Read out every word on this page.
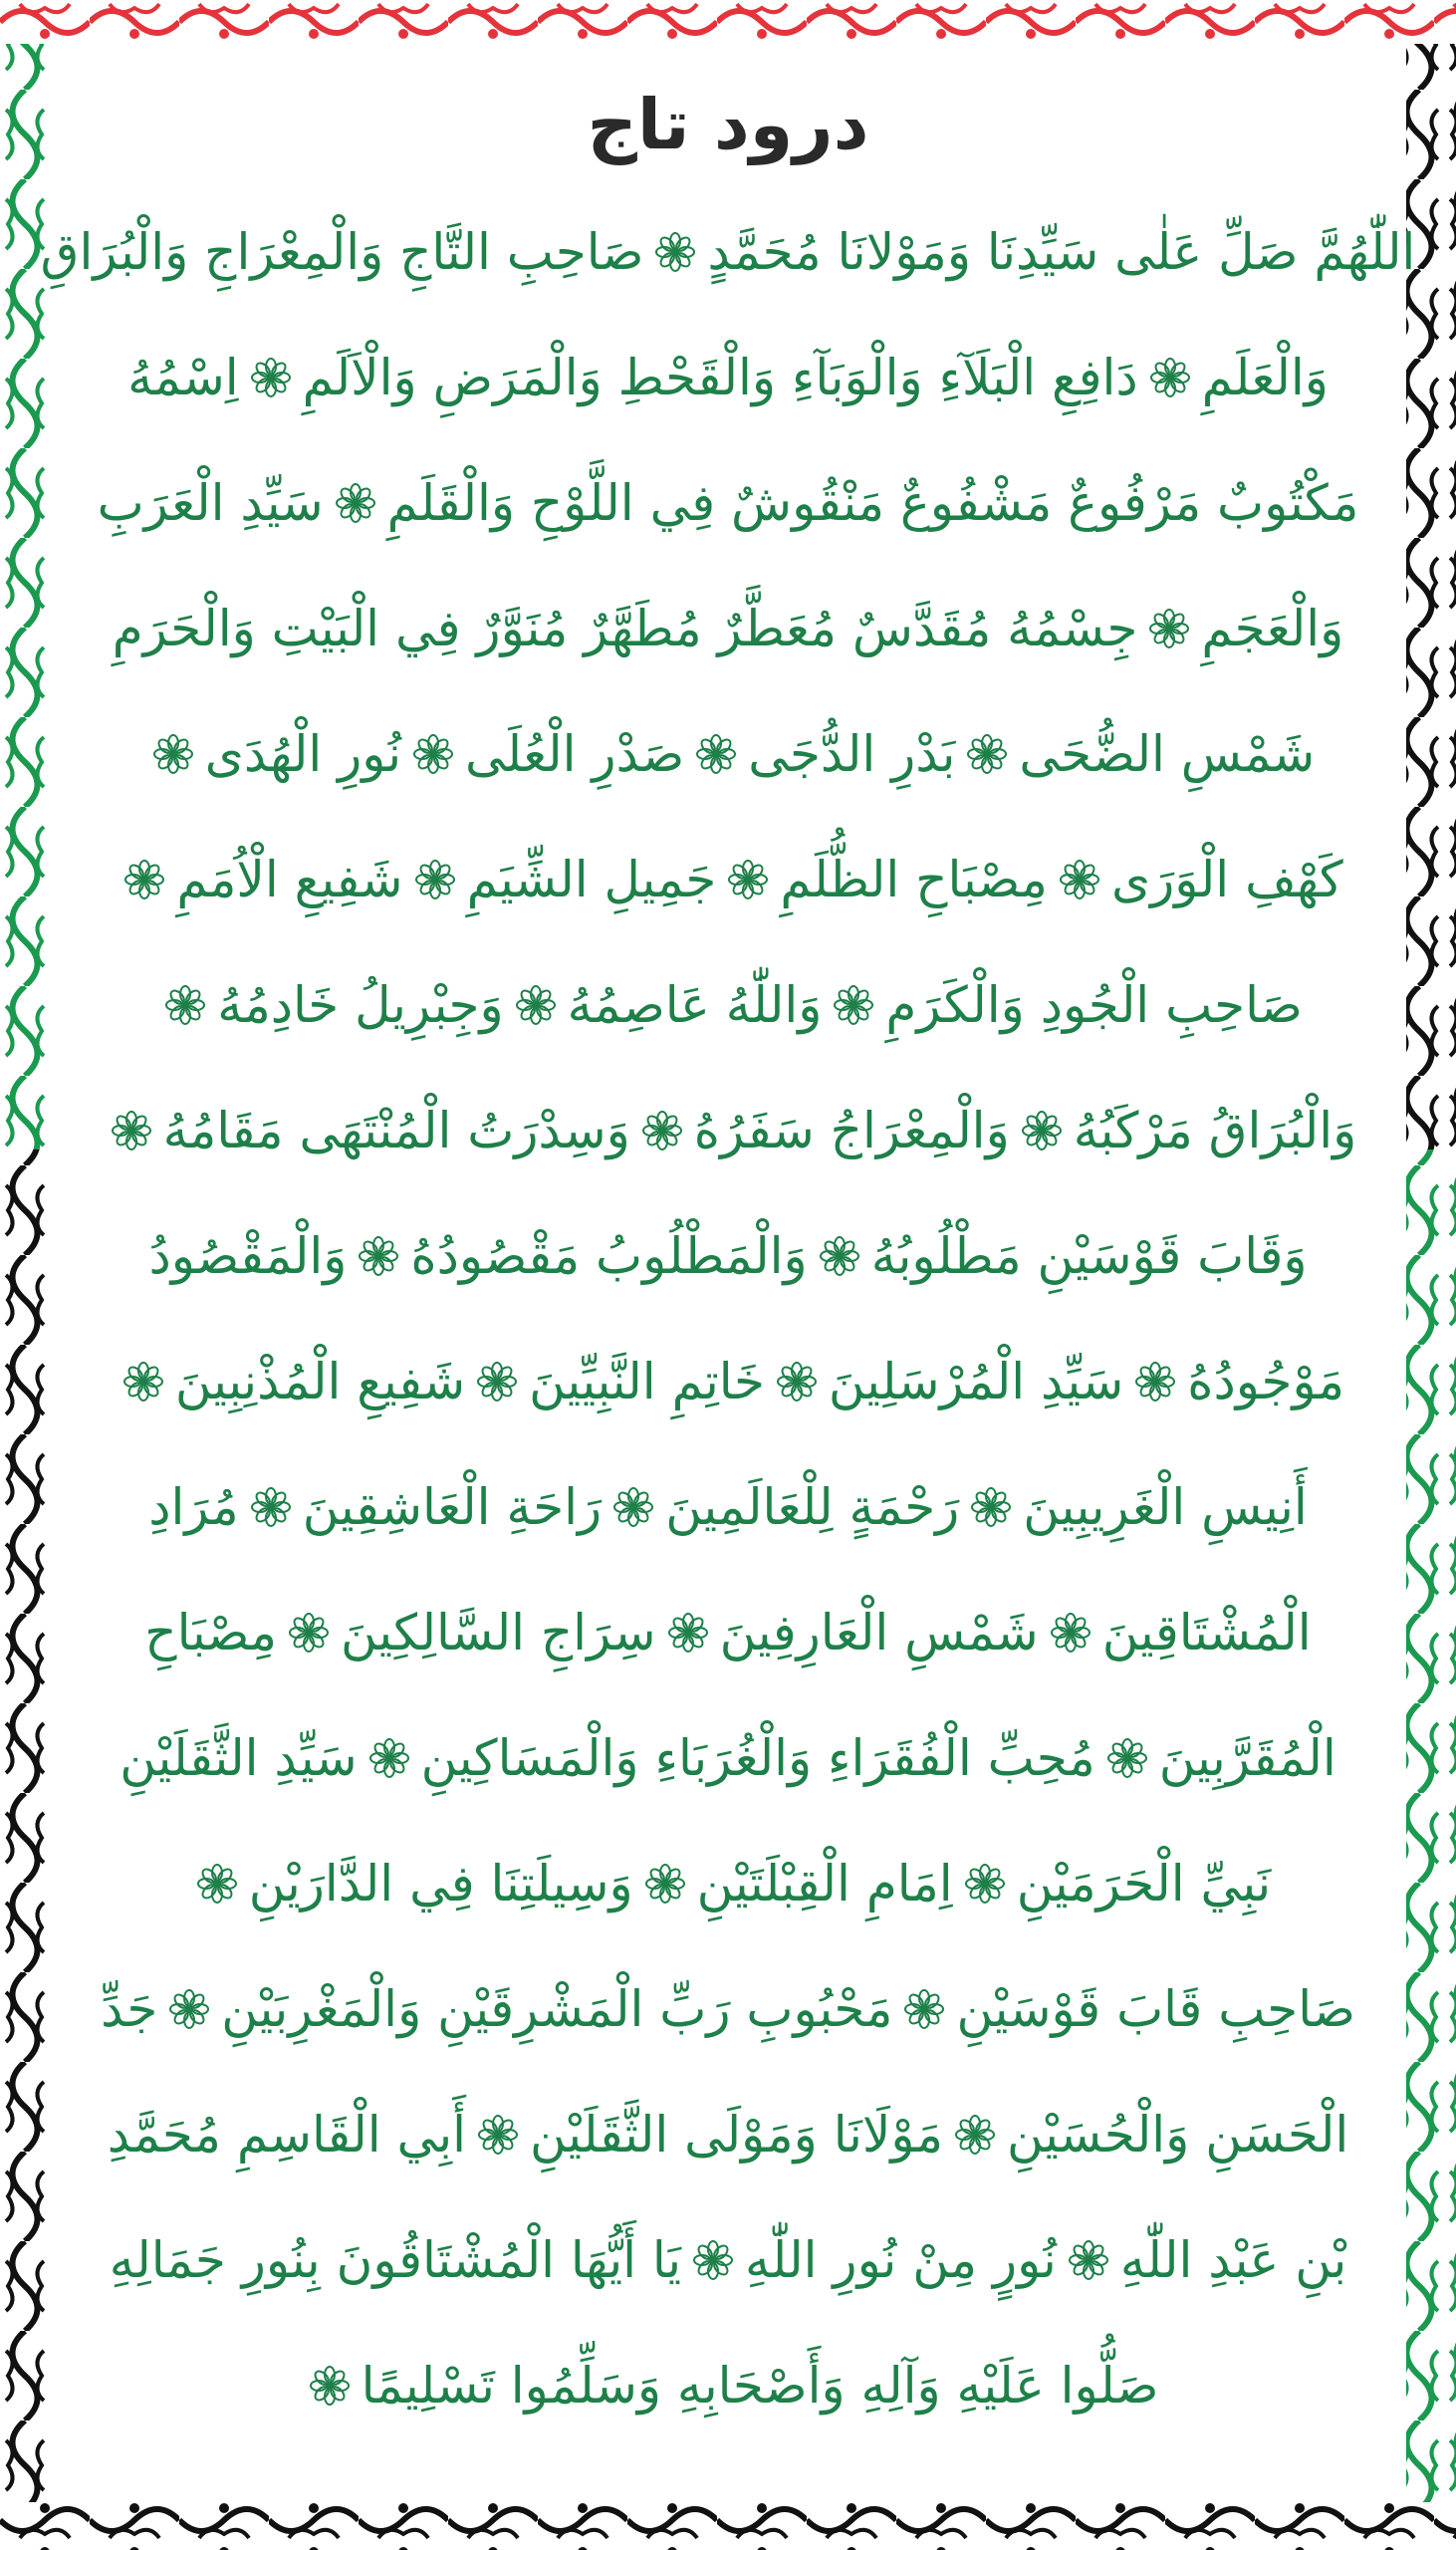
درود تاج
اللّٰهُمَّ صَلِّ عَلٰى سَيِّدِنَا وَمَوْلانَا مُحَمَّدٍ
صَاحِبِ التَّاجِ وَالْمِعْرَاجِ وَالْبُرَاقِ
وَالْعَلَمِ
دَافِعِ الْبَلَآءِ وَالْوَبَآءِ وَالْقَحْطِ وَالْمَرَضِ وَالْاَلَمِ
اِسْمُهُ
مَكْتُوبٌ مَرْفُوعٌ مَشْفُوعٌ مَنْقُوشٌ فِي اللَّوْحِ وَالْقَلَمِ
سَيِّدِ الْعَرَبِ
وَالْعَجَمِ
جِسْمُهُ مُقَدَّسٌ مُعَطَّرٌ مُطَهَّرٌ مُنَوَّرٌ فِي الْبَيْتِ وَالْحَرَمِ
شَمْسِ الضُّحَى
بَدْرِ الدُّجَى
صَدْرِ الْعُلَى
نُورِ الْهُدَى
كَهْفِ الْوَرَى
مِصْبَاحِ الظُّلَمِ
جَمِيلِ الشِّيَمِ
شَفِيعِ الْاُمَمِ
صَاحِبِ الْجُودِ وَالْكَرَمِ
وَاللّٰهُ عَاصِمُهُ
وَجِبْرِيلُ خَادِمُهُ
وَالْبُرَاقُ مَرْكَبُهُ
وَالْمِعْرَاجُ سَفَرُهُ
وَسِدْرَتُ الْمُنْتَهَى مَقَامُهُ
وَقَابَ قَوْسَيْنِ مَطْلُوبُهُ
وَالْمَطْلُوبُ مَقْصُودُهُ
وَالْمَقْصُودُ
مَوْجُودُهُ
سَيِّدِ الْمُرْسَلِينَ
خَاتِمِ النَّبِيِّينَ
شَفِيعِ الْمُذْنِبِينَ
أَنِيسِ الْغَرِيبِينَ
رَحْمَةٍ لِلْعَالَمِينَ
رَاحَةِ الْعَاشِقِينَ
مُرَادِ
الْمُشْتَاقِينَ
شَمْسِ الْعَارِفِينَ
سِرَاجِ السَّالِكِينَ
مِصْبَاحِ
الْمُقَرَّبِينَ
مُحِبِّ الْفُقَرَاءِ وَالْغُرَبَاءِ وَالْمَسَاكِينِ
سَيِّدِ الثَّقَلَيْنِ
نَبِيِّ الْحَرَمَيْنِ
اِمَامِ الْقِبْلَتَيْنِ
وَسِيلَتِنَا فِي الدَّارَيْنِ
صَاحِبِ قَابَ قَوْسَيْنِ
مَحْبُوبِ رَبِّ الْمَشْرِقَيْنِ وَالْمَغْرِبَيْنِ
جَدِّ
الْحَسَنِ وَالْحُسَيْنِ
مَوْلَانَا وَمَوْلَى الثَّقَلَيْنِ
أَبِي الْقَاسِمِ مُحَمَّدِ
بْنِ عَبْدِ اللّٰهِ
نُورٍ مِنْ نُورِ اللّٰهِ
يَا أَيُّهَا الْمُشْتَاقُونَ بِنُورِ جَمَالِهِ
صَلُّوا عَلَيْهِ وَآلِهِ وَأَصْحَابِهِ وَسَلِّمُوا تَسْلِيمًا
